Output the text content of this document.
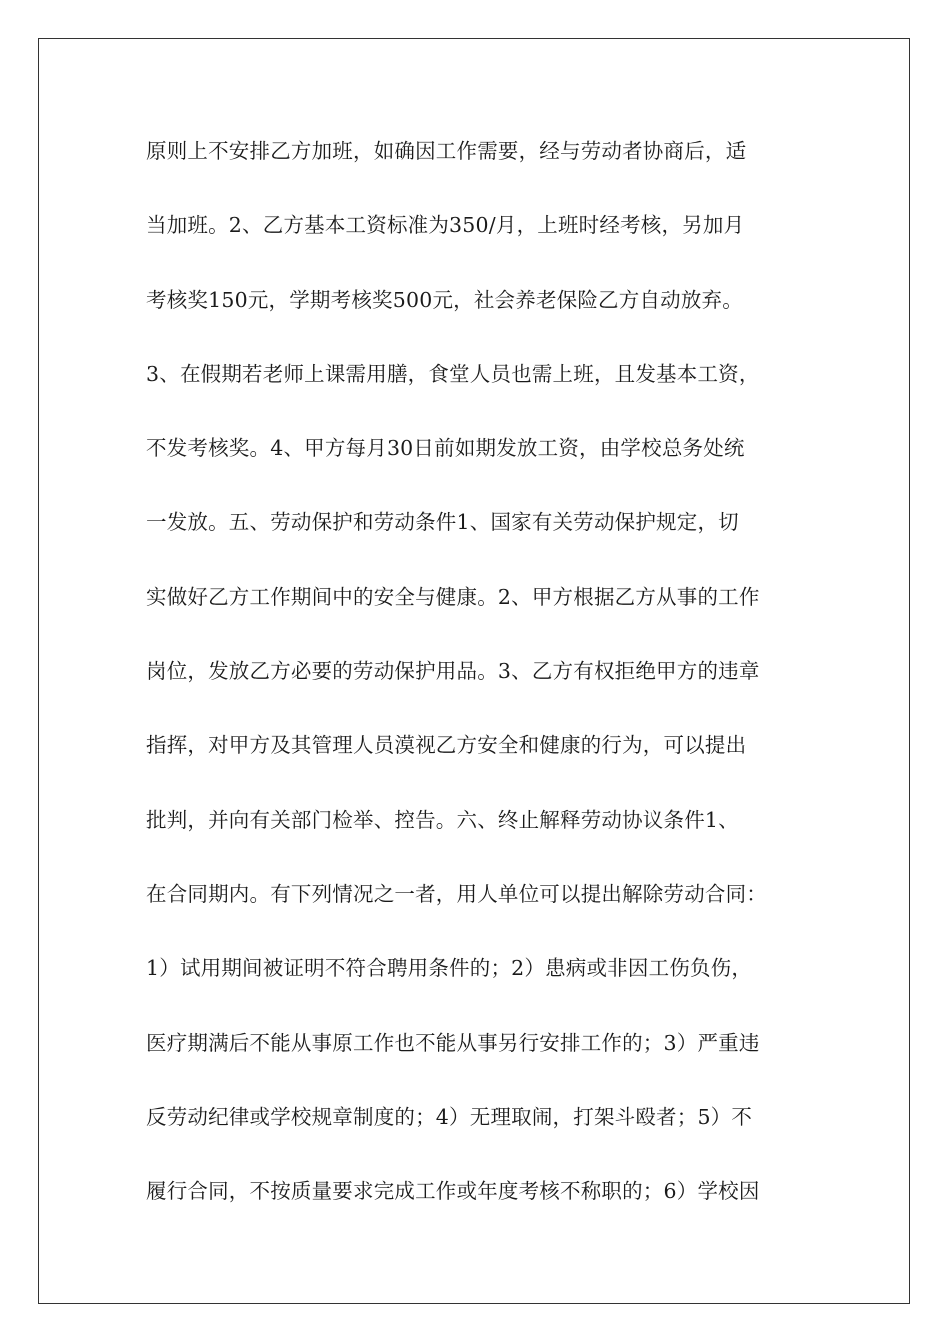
原则上不安排乙方加班，如确因工作需要，经与劳动者协商后，适
当加班。2、乙方基本工资标准为350/月，上班时经考核，另加月
考核奖150元，学期考核奖500元，社会养老保险乙方自动放弃。
3、在假期若老师上课需用膳，食堂人员也需上班，且发基本工资，
不发考核奖。4、甲方每月30日前如期发放工资，由学校总务处统
一发放。五、劳动保护和劳动条件1、国家有关劳动保护规定，切
实做好乙方工作期间中的安全与健康。2、甲方根据乙方从事的工作
岗位，发放乙方必要的劳动保护用品。3、乙方有权拒绝甲方的违章
指挥，对甲方及其管理人员漠视乙方安全和健康的行为，可以提出
批判，并向有关部门检举、控告。六、终止解释劳动协议条件1、
在合同期内。有下列情况之一者，用人单位可以提出解除劳动合同：
1）试用期间被证明不符合聘用条件的；2）患病或非因工伤负伤，
医疗期满后不能从事原工作也不能从事另行安排工作的；3）严重违
反劳动纪律或学校规章制度的；4）无理取闹，打架斗殴者；5）不
履行合同，不按质量要求完成工作或年度考核不称职的；6）学校因
